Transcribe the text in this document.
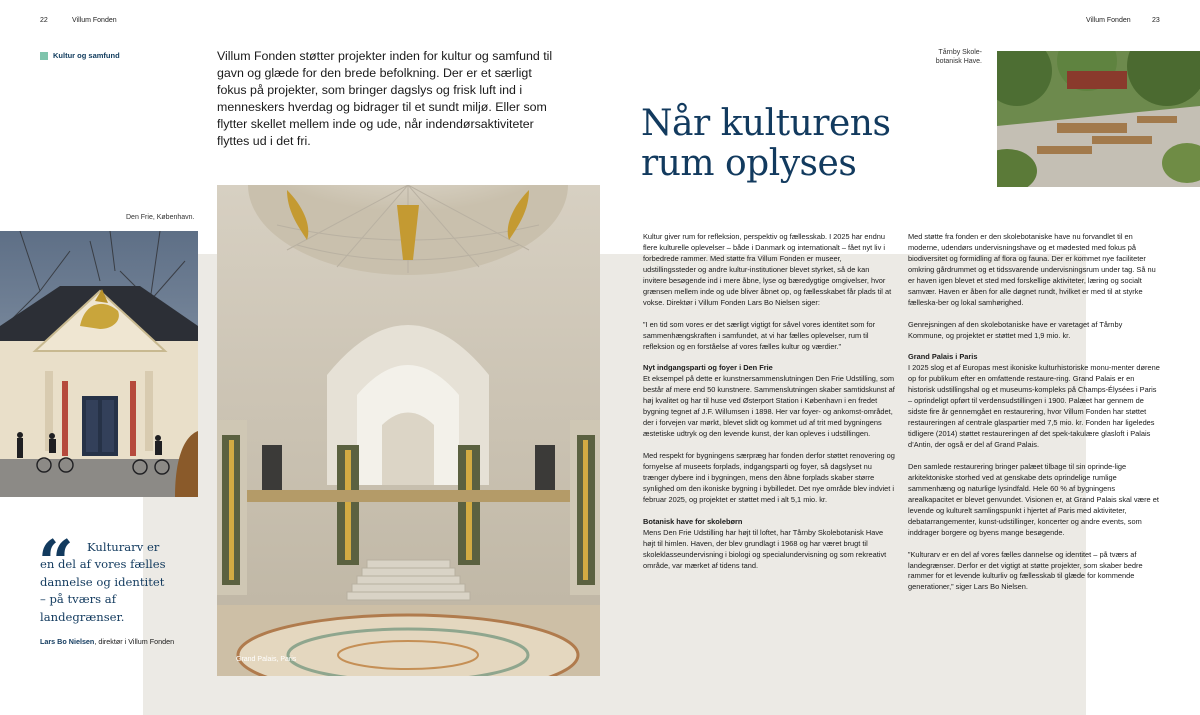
22	Villum Fonden	Villum Fonden	23
Kultur og samfund	Villum Fonden støtter projekter inden for kultur og samfund til gavn og glæde for den brede befolkning. Der er et særligt fokus på projekter, som bringer dagslys og frisk luft ind i menneskers hverdag og bidrager til et sundt miljø. Eller som flytter skellet mellem inde og ude, når indendørsaktiviteter flyttes ud i det fri.	Når kulturens rum oplyses
Den Frie, København.
Tårnby Skole-
botanisk Have.
Grand Palais, Paris
“	Kulturarv er en del af vores fælles dannelse og identitet – på tværs af landegrænser.

Lars Bo Nielsen, direktør i Villum Fonden

Kultur giver rum for refleksion, perspektiv og fællesskab. I 2025 har endnu flere kulturelle oplevelser – både i Danmark og internationalt – fået nyt liv i forbedrede rammer. Med støtte fra Villum Fonden er museer, udstillingssteder og andre kultur-institutioner blevet styrket, så de kan invitere besøgende ind i mere åbne, lyse og bæredygtige omgivelser, hvor grænsen mellem inde og ude bliver åbnet op, og fællesskabet får plads til at vokse. Direktør i Villum Fonden Lars Bo Nielsen siger:

”I en tid som vores er det særligt vigtigt for såvel vores identitet som for sammenhængskraften i samfundet, at vi har fælles oplevelser, rum til refleksion og en forståelse af vores fælles kultur og værdier.”

Nyt indgangsparti og foyer i Den Frie

Et eksempel på dette er kunstnersammenslutningen Den Frie Udstilling, som består af mere end 50 kunstnere. Sammenslutningen skaber samtidskunst af høj kvalitet og har til huse ved Østerport Station i København i en fredet bygning tegnet af J.F. Willumsen i 1898. Her var foyer- og ankomst-området, der i forvejen var mørkt, blevet slidt og kommet ud af trit med bygningens æstetiske udtryk og den levende kunst, der kan opleves i udstillingen.

Med respekt for bygningens særpræg har fonden derfor støttet renovering og fornyelse af museets forplads, indgangsparti og foyer, så dagslyset nu trænger dybere ind i bygningen, mens den åbne forplads skaber større synlighed om den ikoniske bygning i bybilledet. Det nye område blev indviet i februar 2025, og projektet er støttet med i alt 5,1 mio. kr.

Botanisk have for skolebørn

Mens Den Frie Udstilling har højt til loftet, har Tårnby Skolebotanisk Have højt til himlen. Haven, der blev grundlagt i 1968 og har været brugt til skoleklasseundervisning i biologi og specialundervisning og som rekreativt område, var mærket af tidens tand.

Med støtte fra fonden er den skolebotaniske have nu forvandlet til en moderne, udendørs undervisningshave og et mødested med fokus på biodiversitet og formidling af flora og fauna. Der er kommet nye faciliteter omkring gårdrummet og et tidssvarende undervisningsrum under tag. Så nu er haven igen blevet et sted med forskellige aktiviteter, læring og socialt samvær. Haven er åben for alle døgnet rundt, hvilket er med til at styrke fælleska-ber og lokal samhørighed.

Genrejsningen af den skolebotaniske have er varetaget af Tårnby Kommune, og projektet er støttet med 1,9 mio. kr.

Grand Palais i Paris

I 2025 slog et af Europas mest ikoniske kulturhistoriske monu-menter dørene op for publikum efter en omfattende restaure-ring. Grand Palais er en historisk udstillingshal og et museums-kompleks på Champs-Élysées i Paris – oprindeligt opført til verdensudstillingen i 1900. Palæet har gennem de sidste fire år gennemgået en restaurering, hvor Villum Fonden har støttet restaureringen af centrale glaspartier med 7,5 mio. kr. Fonden har ligeledes tidligere (2014) støttet restaureringen af det spek-takulære glasloft i Palais d’Antin, der også er del af Grand Palais.

Den samlede restaurering bringer palæet tilbage til sin oprinde-lige arkitektoniske storhed ved at genskabe dets oprindelige rumlige sammenhæng og naturlige lysindfald. Hele 60 % af bygningens arealkapacitet er blevet genvundet. Visionen er, at Grand Palais skal være et levende og kulturelt samlingspunkt i hjertet af Paris med aktiviteter, debatarrangementer, kunst-udstillinger, koncerter og andre events, som inddrager borgere og byens mange besøgende.

”Kulturarv er en del af vores fælles dannelse og identitet – på tværs af landegrænser. Derfor er det vigtigt at støtte projekter, som skaber bedre rammer for et levende kulturliv og fællesskab til glæde for kommende generationer,” siger Lars Bo Nielsen.
